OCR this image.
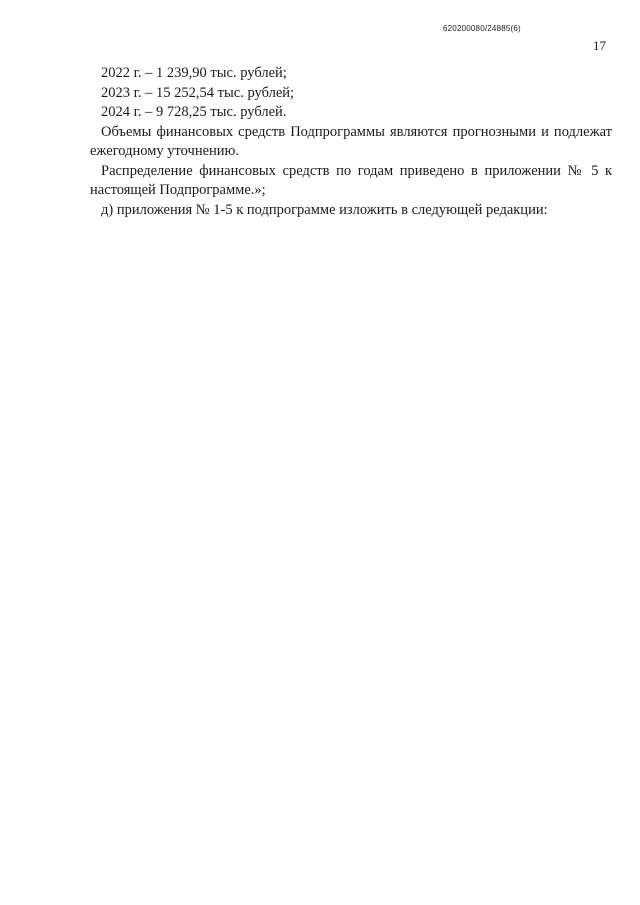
620200080/24885(6)
17

2022 г. – 1 239,90 тыс. рублей;

2023 г. – 15 252,54 тыс. рублей;

2024 г. – 9 728,25 тыс. рублей.

Объемы финансовых средств Подпрограммы являются прогнозными и подлежат ежегодному уточнению.

Распределение финансовых средств по годам приведено в приложении № 5 к настоящей Подпрограмме.»;

д) приложения № 1-5 к подпрограмме изложить в следующей редакции:
